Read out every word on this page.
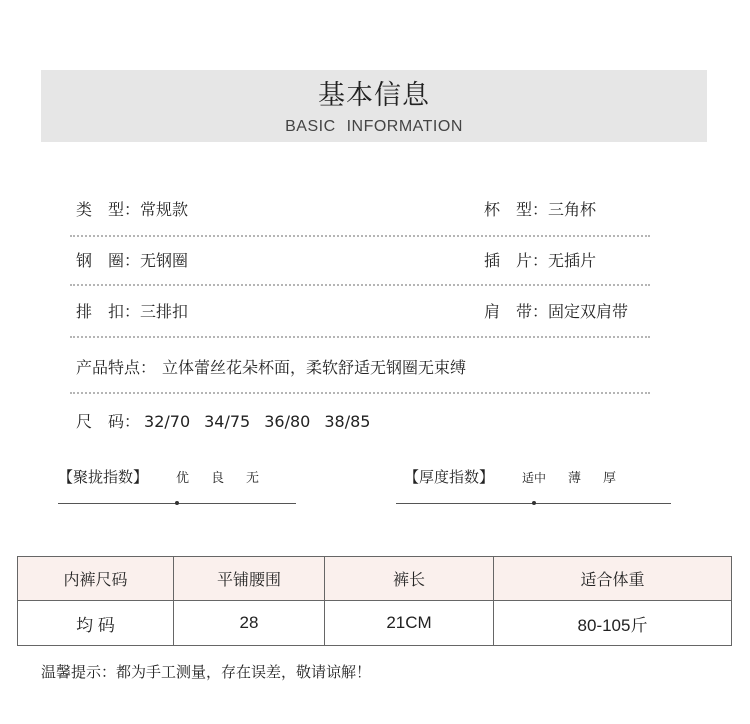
基本信息
BASIC INFORMATION
类　型：常规款	杯　型：三角杯
钢　圈：无钢圈	插　片：无插片
排　扣：三排扣	肩　带：固定双肩带
产品特点： 立体蕾丝花朵杯面，柔软舒适无钢圈无束缚
尺　码： 32/70 34/75 36/80 38/85
【聚拢指数】 优 良 无	【厚度指数】 适中 薄 厚
内裤尺码	平铺腰围	裤长	适合体重
均 码	28	21CM	80-105斤
温馨提示：都为手工测量，存在误差，敬请谅解！
